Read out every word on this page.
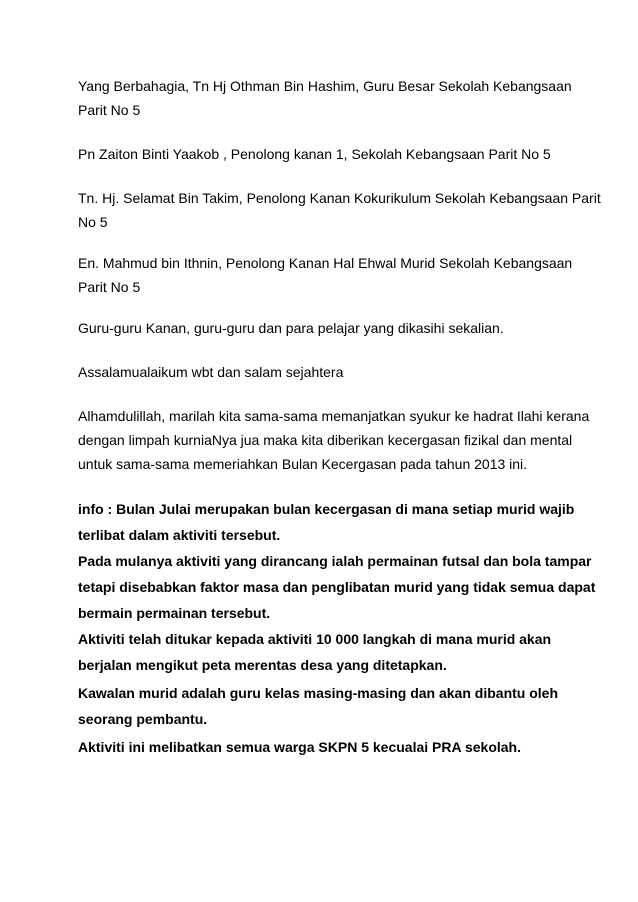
Yang Berbahagia, Tn Hj Othman Bin Hashim, Guru Besar Sekolah Kebangsaan
Parit No 5

Pn Zaiton Binti Yaakob , Penolong kanan 1, Sekolah Kebangsaan Parit No 5

Tn. Hj. Selamat Bin Takim, Penolong Kanan Kokurikulum Sekolah Kebangsaan Parit
No 5

En. Mahmud bin Ithnin, Penolong Kanan Hal Ehwal Murid Sekolah Kebangsaan
Parit No 5

Guru-guru Kanan, guru-guru dan para pelajar yang dikasihi sekalian.

Assalamualaikum wbt dan salam sejahtera

Alhamdulillah, marilah kita sama-sama memanjatkan syukur ke hadrat Ilahi kerana
dengan limpah kurniaNya jua maka kita diberikan kecergasan fizikal dan mental
untuk sama-sama memeriahkan Bulan Kecergasan pada tahun 2013 ini.

info : Bulan Julai merupakan bulan kecergasan di mana setiap murid wajib
terlibat dalam aktiviti tersebut.

Pada mulanya aktiviti yang dirancang ialah permainan futsal dan bola tampar
tetapi disebabkan faktor masa dan penglibatan murid yang tidak semua dapat
bermain permainan tersebut.

Aktiviti telah ditukar kepada aktiviti 10 000 langkah di mana murid akan
berjalan mengikut peta merentas desa yang ditetapkan.

Kawalan murid adalah guru kelas masing-masing dan akan dibantu oleh
seorang pembantu.

Aktiviti ini melibatkan semua warga SKPN 5 kecualai PRA sekolah.
